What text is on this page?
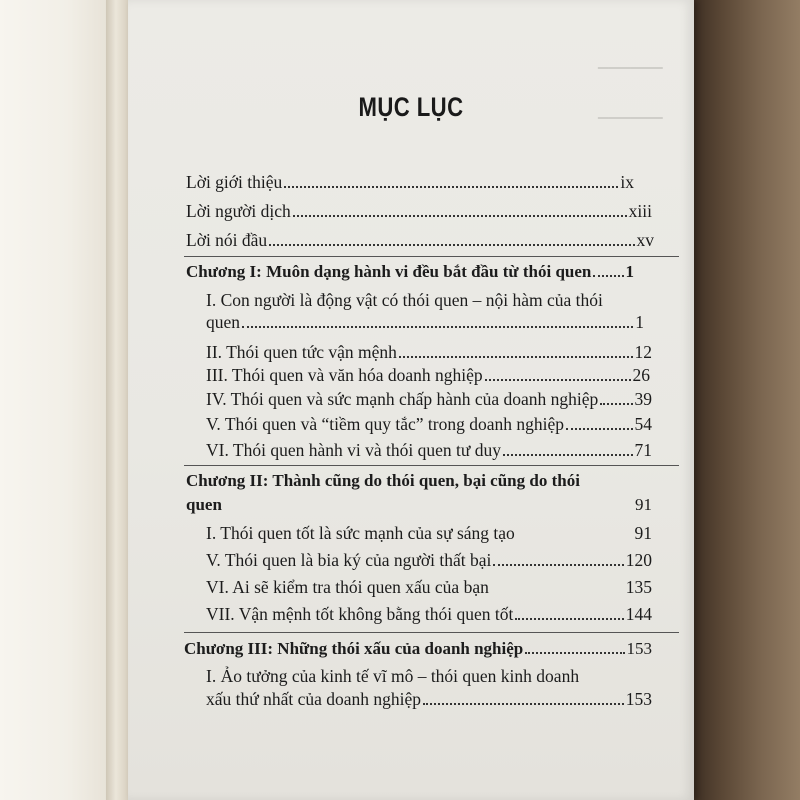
▔▔▔▔▔▔
▔▔▔▔▔▔
MỤC LỤC
Lời giới thiệu	ix
Lời người dịch	xiii
Lời nói đầu	xv
Chương I: Muôn dạng hành vi đều bắt đầu từ thói quen 1
I. Con người là động vật có thói quen – nội hàm của thói
quen	1
II. Thói quen tức vận mệnh	12
III. Thói quen và văn hóa doanh nghiệp	26
IV. Thói quen và sức mạnh chấp hành của doanh nghiệp 39
V. Thói quen và “tiềm quy tắc” trong doanh nghiệp	54
VI. Thói quen hành vi và thói quen tư duy	71
Chương II: Thành cũng do thói quen, bại cũng do thói
quen	91
I. Thói quen tốt là sức mạnh của sự sáng tạo	91
V. Thói quen là bia ký của người thất bại	120
VI. Ai sẽ kiểm tra thói quen xấu của bạn	135
VII. Vận mệnh tốt không bằng thói quen tốt	144
Chương III: Những thói xấu của doanh nghiệp	153
I. Ảo tưởng của kinh tế vĩ mô – thói quen kinh doanh
xấu thứ nhất của doanh nghiệp	153
